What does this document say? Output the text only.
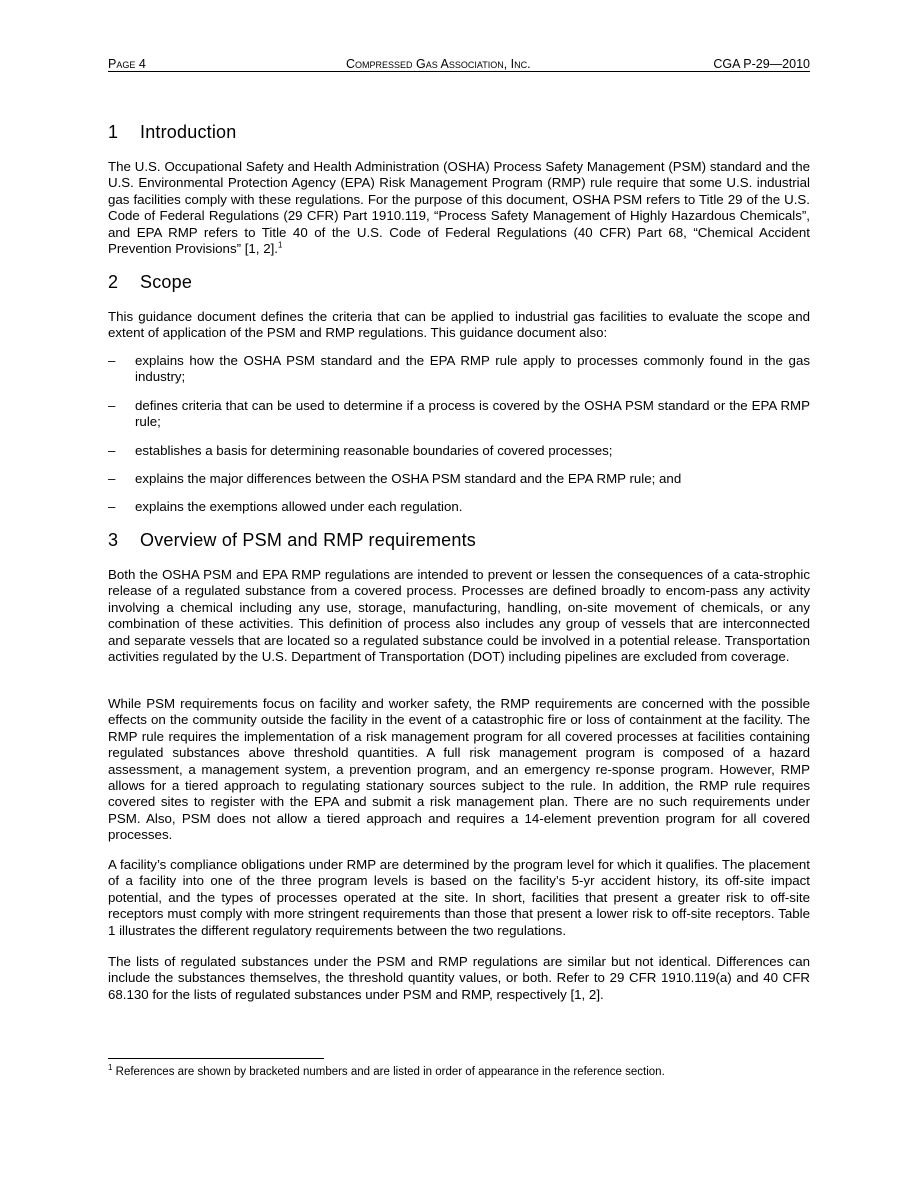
Page 4	Compressed Gas Association, Inc.	CGA P-29—2010
1	Introduction

The U.S. Occupational Safety and Health Administration (OSHA) Process Safety Management (PSM) standard and the U.S. Environmental Protection Agency (EPA) Risk Management Program (RMP) rule require that some U.S. industrial gas facilities comply with these regulations. For the purpose of this document, OSHA PSM refers to Title 29 of the U.S. Code of Federal Regulations (29 CFR) Part 1910.119, “Process Safety Management of Highly Hazardous Chemicals”, and EPA RMP refers to Title 40 of the U.S. Code of Federal Regulations (40 CFR) Part 68, “Chemical Accident Prevention Provisions” [1, 2].$^1$

2	Scope

This guidance document defines the criteria that can be applied to industrial gas facilities to evaluate the scope and extent of application of the PSM and RMP regulations. This guidance document also:

– explains how the OSHA PSM standard and the EPA RMP rule apply to processes commonly found in the gas industry;
– defines criteria that can be used to determine if a process is covered by the OSHA PSM standard or the EPA RMP rule;
– establishes a basis for determining reasonable boundaries of covered processes;
– explains the major differences between the OSHA PSM standard and the EPA RMP rule; and
– explains the exemptions allowed under each regulation.
3	Overview of PSM and RMP requirements

Both the OSHA PSM and EPA RMP regulations are intended to prevent or lessen the consequences of a cata-strophic release of a regulated substance from a covered process. Processes are defined broadly to encom-pass any activity involving a chemical including any use, storage, manufacturing, handling, on-site movement of chemicals, or any combination of these activities. This definition of process also includes any group of vessels that are interconnected and separate vessels that are located so a regulated substance could be involved in a potential release. Transportation activities regulated by the U.S. Department of Transportation (DOT) including pipelines are excluded from coverage.

While PSM requirements focus on facility and worker safety, the RMP requirements are concerned with the possible effects on the community outside the facility in the event of a catastrophic fire or loss of containment at the facility. The RMP rule requires the implementation of a risk management program for all covered processes at facilities containing regulated substances above threshold quantities. A full risk management program is composed of a hazard assessment, a management system, a prevention program, and an emergency re-sponse program. However, RMP allows for a tiered approach to regulating stationary sources subject to the rule. In addition, the RMP rule requires covered sites to register with the EPA and submit a risk management plan. There are no such requirements under PSM. Also, PSM does not allow a tiered approach and requires a 14-element prevention program for all covered processes.

A facility’s compliance obligations under RMP are determined by the program level for which it qualifies. The placement of a facility into one of the three program levels is based on the facility’s 5-yr accident history, its off-site impact potential, and the types of processes operated at the site. In short, facilities that present a greater risk to off-site receptors must comply with more stringent requirements than those that present a lower risk to off-site receptors. Table 1 illustrates the different regulatory requirements between the two regulations.

The lists of regulated substances under the PSM and RMP regulations are similar but not identical. Differences can include the substances themselves, the threshold quantity values, or both. Refer to 29 CFR 1910.119(a) and 40 CFR 68.130 for the lists of regulated substances under PSM and RMP, respectively [1, 2].

$^1$ References are shown by bracketed numbers and are listed in order of appearance in the reference section.
